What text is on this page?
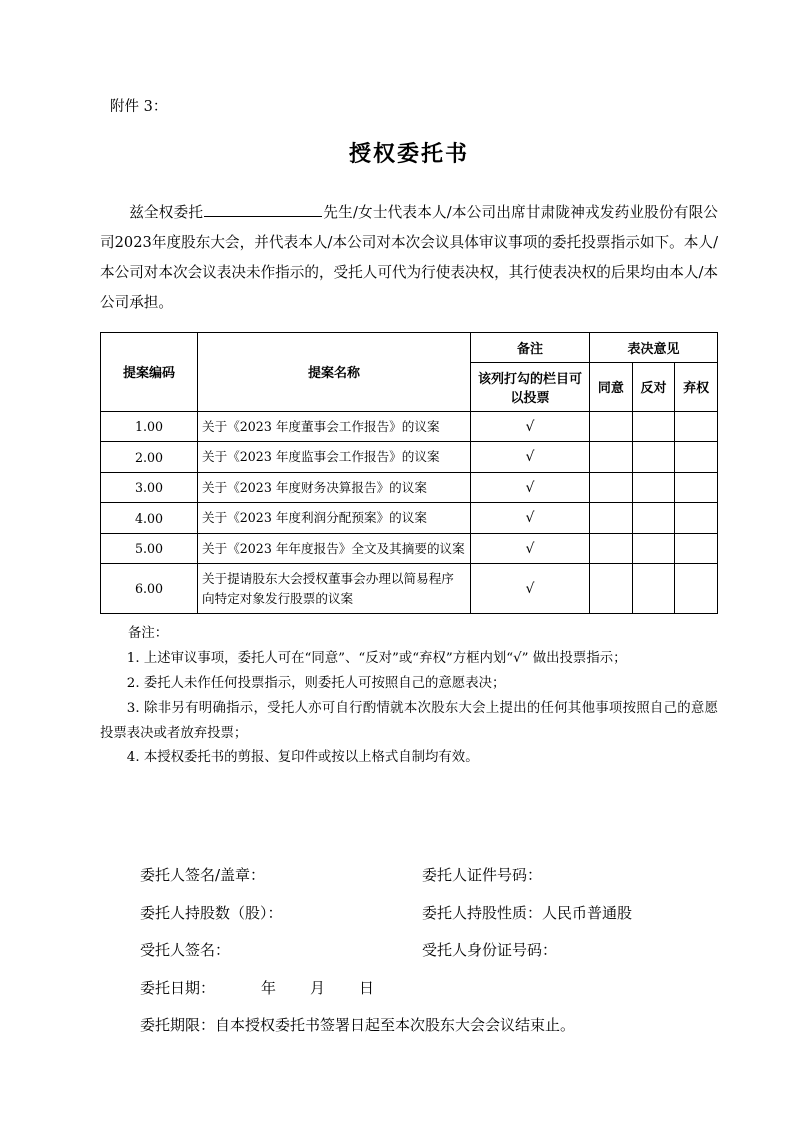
附件 3：
授权委托书

兹全权委托	先生/女士代表本人/本公司出席甘肃陇神戎发药业股份有限公司2023年度股东大会，并代表本人/本公司对本次会议具体审议事项的委托投票指示如下。本人/本公司对本次会议表决未作指示的，受托人可代为行使表决权，其行使表决权的后果均由本人/本公司承担。

提案编码	提案名称	备注	表决意见		
		该列打勾的栏目可以投票	同意	反对	弃权
1.00	关于《2023 年度董事会工作报告》的议案	√			
2.00	关于《2023 年度监事会工作报告》的议案	√			
3.00	关于《2023 年度财务决算报告》的议案	√			
4.00	关于《2023 年度利润分配预案》的议案	√			
5.00	关于《2023 年年度报告》全文及其摘要的议案	√			
6.00	关于提请股东大会授权董事会办理以简易程序向特定对象发行股票的议案	√			

备注：

1. 上述审议事项，委托人可在“同意”、“反对”或“弃权”方框内划“√” 做出投票指示；

2. 委托人未作任何投票指示，则委托人可按照自己的意愿表决；

3. 除非另有明确指示，受托人亦可自行酌情就本次股东大会上提出的任何其他事项按照自己的意愿投票表决或者放弃投票；

4. 本授权委托书的剪报、复印件或按以上格式自制均有效。

委托人签名/盖章：	委托人证件号码：
委托人持股数（股）：	委托人持股性质：人民币普通股
受托人签名：	受托人身份证号码：
委托日期：	年 月 日
委托期限：自本授权委托书签署日起至本次股东大会会议结束止。
